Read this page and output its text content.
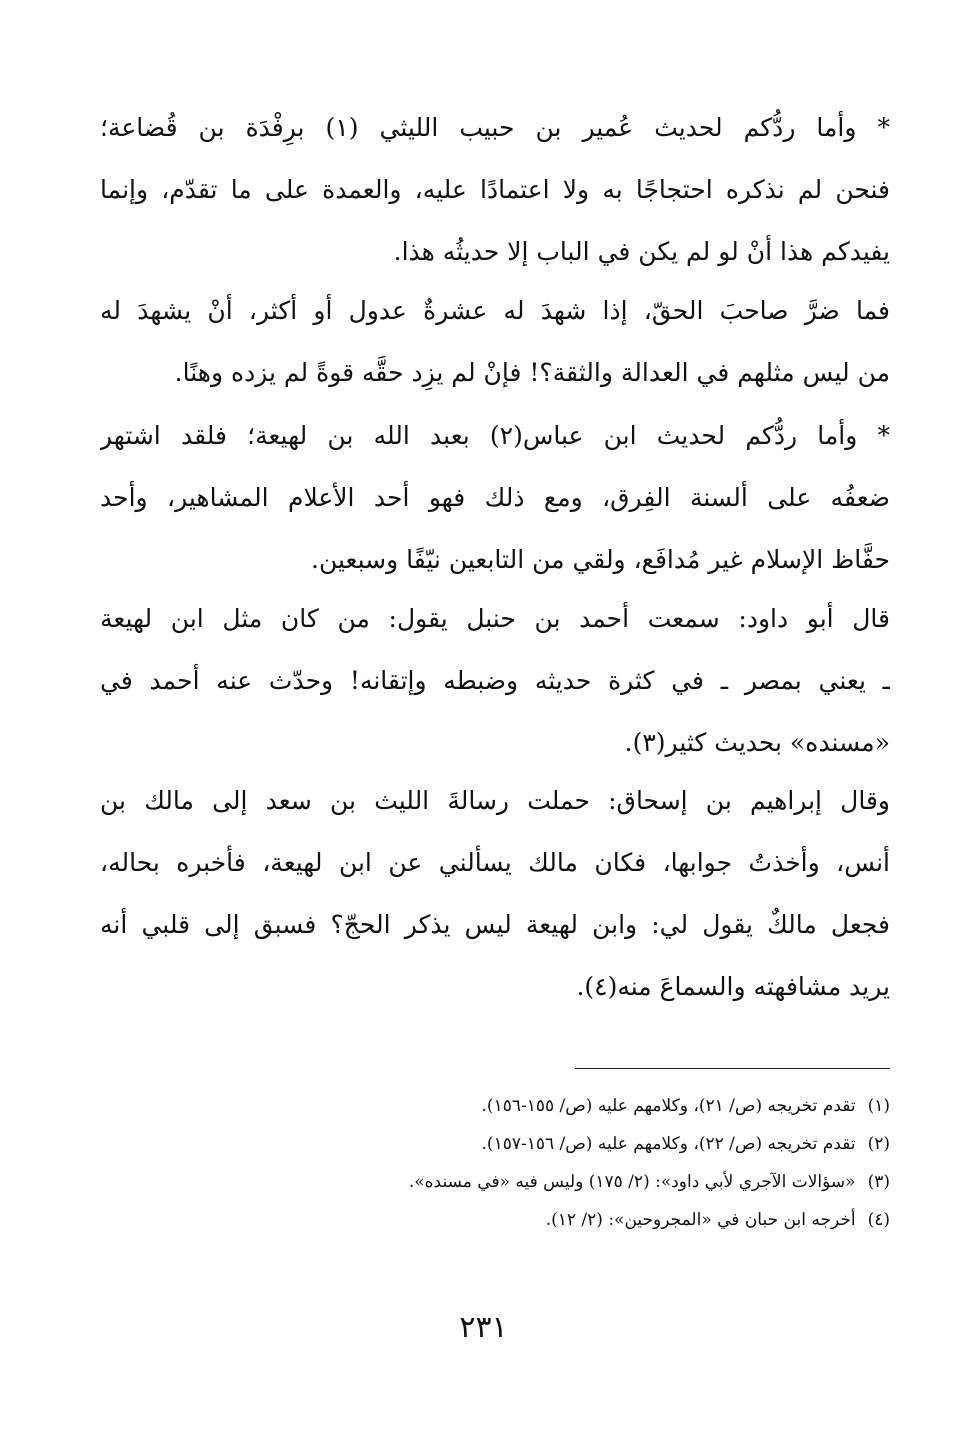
* وأما ردُّكم لحديث عُمير بن حبيب الليثي (١) برِفْدَة بن قُضاعة؛
فنحن لم نذكره احتجاجًا به ولا اعتمادًا عليه، والعمدة على ما تقدّم، وإنما
يفيدكم هذا أنْ لو لم يكن في الباب إلا حديثُه هذا.
فما ضرَّ صاحبَ الحقّ، إذا شهدَ له عشرةٌ عدول أو أكثر، أنْ يشهدَ له
من ليس مثلهم في العدالة والثقة؟! فإنْ لم يزِد حقَّه قوةً لم يزده وهنًا.
* وأما ردُّكم لحديث ابن عباس(٢) بعبد الله بن لهيعة؛ فلقد اشتهر
ضعفُه على ألسنة الفِرق، ومع ذلك فهو أحد الأعلام المشاهير، وأحد
حفَّاظ الإسلام غير مُدافَع، ولقي من التابعين نيّفًا وسبعين.
قال أبو داود: سمعت أحمد بن حنبل يقول: من كان مثل ابن لهيعة
ـ يعني بمصر ـ في كثرة حديثه وضبطه وإتقانه! وحدّث عنه أحمد في
«مسنده» بحديث كثير(٣).
وقال إبراهيم بن إسحاق: حملت رسالةَ الليث بن سعد إلى مالك بن
أنس، وأخذتُ جوابها، فكان مالك يسألني عن ابن لهيعة، فأخبره بحاله،
فجعل مالكٌ يقول لي: وابن لهيعة ليس يذكر الحجّ؟ فسبق إلى قلبي أنه
يريد مشافهته والسماعَ منه(٤).
(١)تقدم تخريجه (ص/ ٢١)، وكلامهم عليه (ص/ ١٥٥-١٥٦).
(٢)تقدم تخريجه (ص/ ٢٢)، وكلامهم عليه (ص/ ١٥٦-١٥٧).
(٣)«سؤالات الآجري لأبي داود»: (٢/ ١٧٥) وليس فيه «في مسنده».
(٤)أخرجه ابن حبان في «المجروحين»: (٢/ ١٢).
٢٣١
